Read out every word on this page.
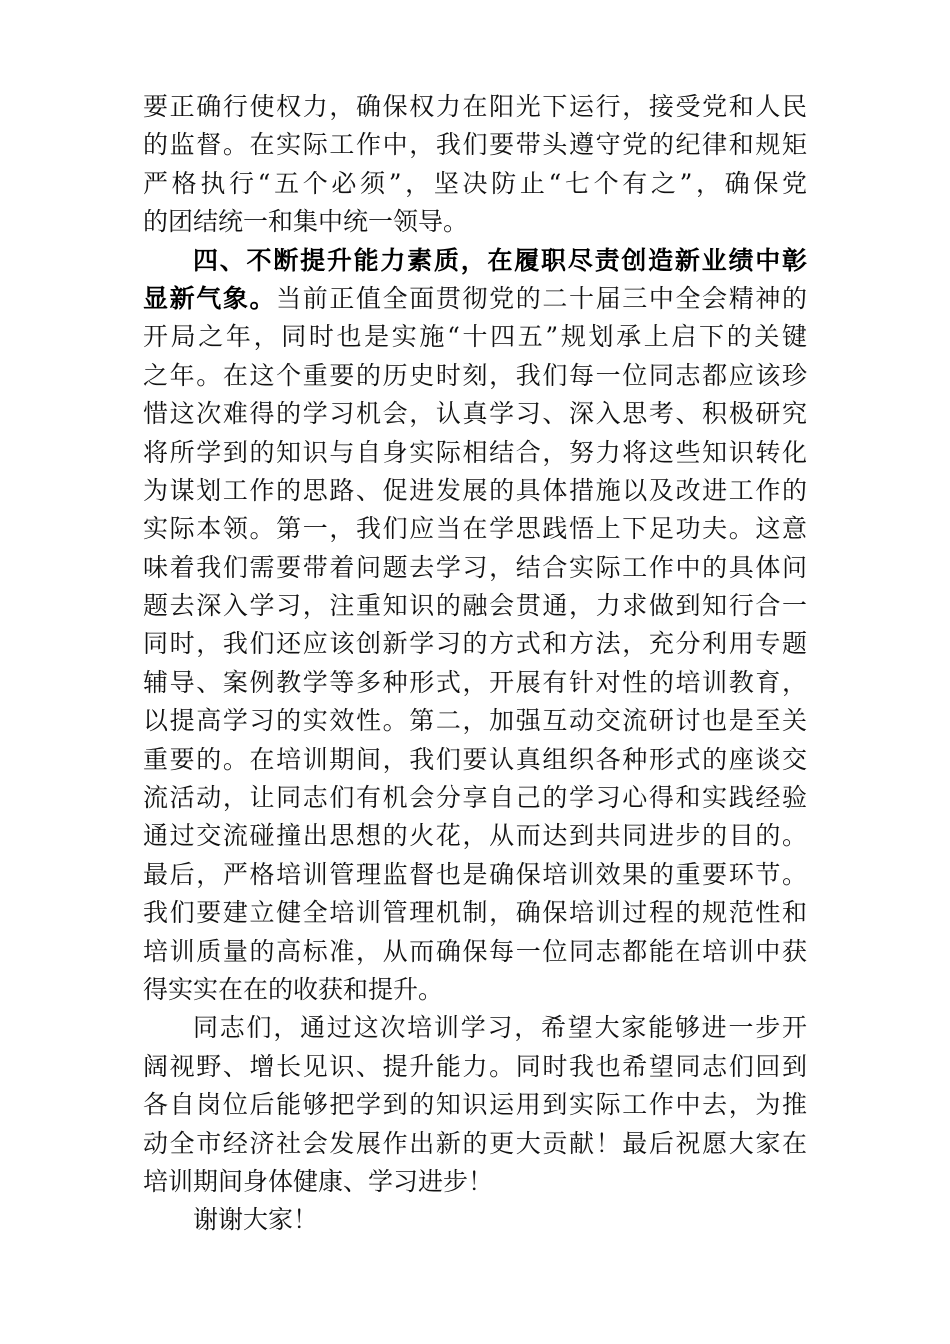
要正确行使权力，确保权力在阳光下运行，接受党和人民
的监督。在实际工作中，我们要带头遵守党的纪律和规矩
严格执行“五个必须”，坚决防止“七个有之”，确保党
的团结统一和集中统一领导。
四、不断提升能力素质，在履职尽责创造新业绩中彰
显新气象。当前正值全面贯彻党的二十届三中全会精神的
开局之年，同时也是实施“十四五”规划承上启下的关键
之年。在这个重要的历史时刻，我们每一位同志都应该珍
惜这次难得的学习机会，认真学习、深入思考、积极研究
将所学到的知识与自身实际相结合，努力将这些知识转化
为谋划工作的思路、促进发展的具体措施以及改进工作的
实际本领。第一，我们应当在学思践悟上下足功夫。这意
味着我们需要带着问题去学习，结合实际工作中的具体问
题去深入学习，注重知识的融会贯通，力求做到知行合一
同时，我们还应该创新学习的方式和方法，充分利用专题
辅导、案例教学等多种形式，开展有针对性的培训教育，
以提高学习的实效性。第二，加强互动交流研讨也是至关
重要的。在培训期间，我们要认真组织各种形式的座谈交
流活动，让同志们有机会分享自己的学习心得和实践经验
通过交流碰撞出思想的火花，从而达到共同进步的目的。
最后，严格培训管理监督也是确保培训效果的重要环节。
我们要建立健全培训管理机制，确保培训过程的规范性和
培训质量的高标准，从而确保每一位同志都能在培训中获
得实实在在的收获和提升。
同志们，通过这次培训学习，希望大家能够进一步开
阔视野、增长见识、提升能力。同时我也希望同志们回到
各自岗位后能够把学到的知识运用到实际工作中去，为推
动全市经济社会发展作出新的更大贡献！最后祝愿大家在
培训期间身体健康、学习进步！
谢谢大家！
